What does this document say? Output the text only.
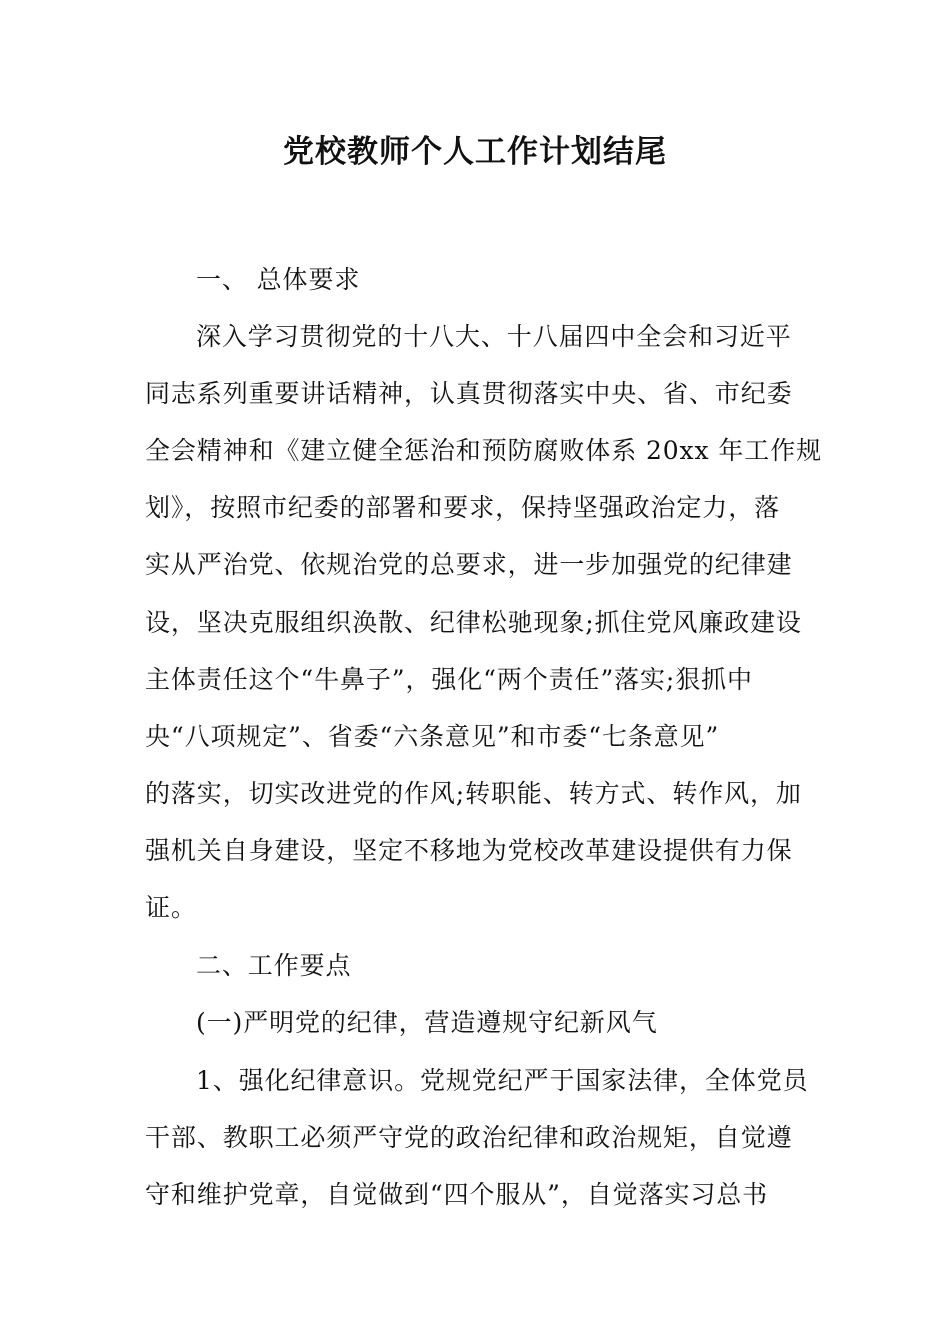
党校教师个人工作计划结尾
一、 总体要求
深入学习贯彻党的十八大、十八届四中全会和习近平
同志系列重要讲话精神，认真贯彻落实中央、省、市纪委
全会精神和《建立健全惩治和预防腐败体系 20xx 年工作规
划》，按照市纪委的部署和要求，保持坚强政治定力，落
实从严治党、依规治党的总要求，进一步加强党的纪律建
设，坚决克服组织涣散、纪律松驰现象;抓住党风廉政建设
主体责任这个“牛鼻子”，强化“两个责任”落实;狠抓中
央“八项规定”、省委“六条意见”和市委“七条意见”
的落实，切实改进党的作风;转职能、转方式、转作风，加
强机关自身建设，坚定不移地为党校改革建设提供有力保
证。
二、工作要点
(一)严明党的纪律，营造遵规守纪新风气
1、强化纪律意识。党规党纪严于国家法律，全体党员
干部、教职工必须严守党的政治纪律和政治规矩，自觉遵
守和维护党章，自觉做到“四个服从”，自觉落实习总书
